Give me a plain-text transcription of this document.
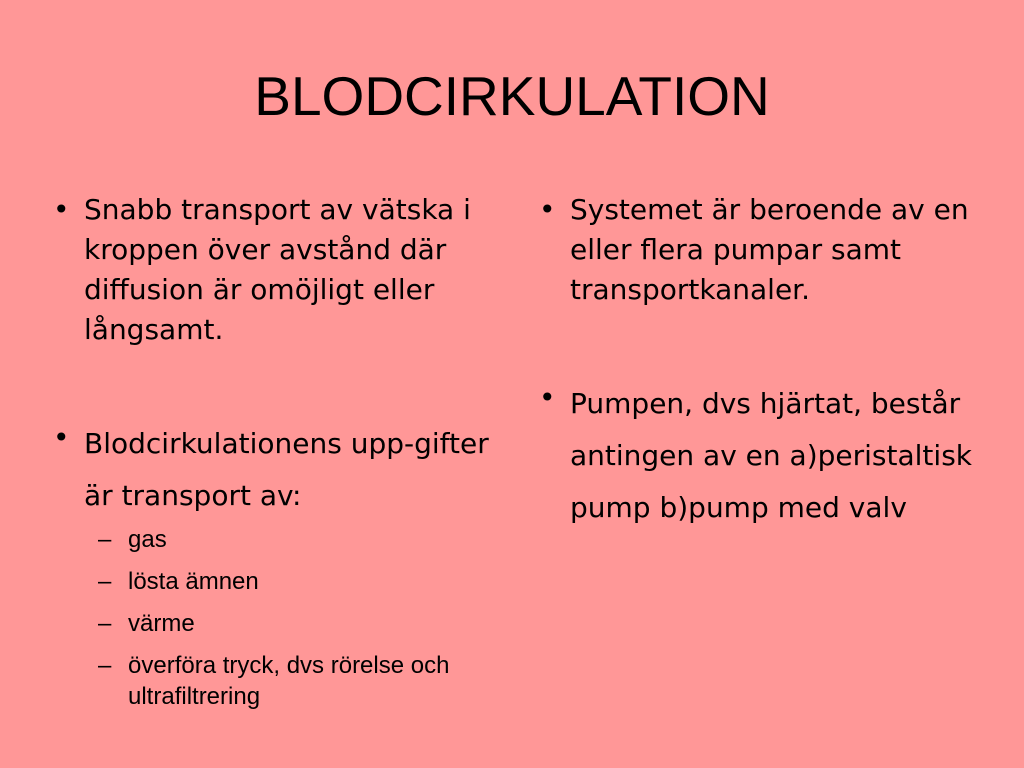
BLODCIRKULATION
• Snabb transport av vätska i kroppen över avstånd där diffusion är omöjligt eller långsamt.
• Blodcirkulationens upp-gifter är transport av:
– gas
– lösta ämnen
– värme
– överföra tryck, dvs rörelse och ultrafiltrering
• Systemet är beroende av en eller flera pumpar samt transportkanaler.
• Pumpen, dvs hjärtat, består antingen av en a)peristaltisk pump b)pump med valv
